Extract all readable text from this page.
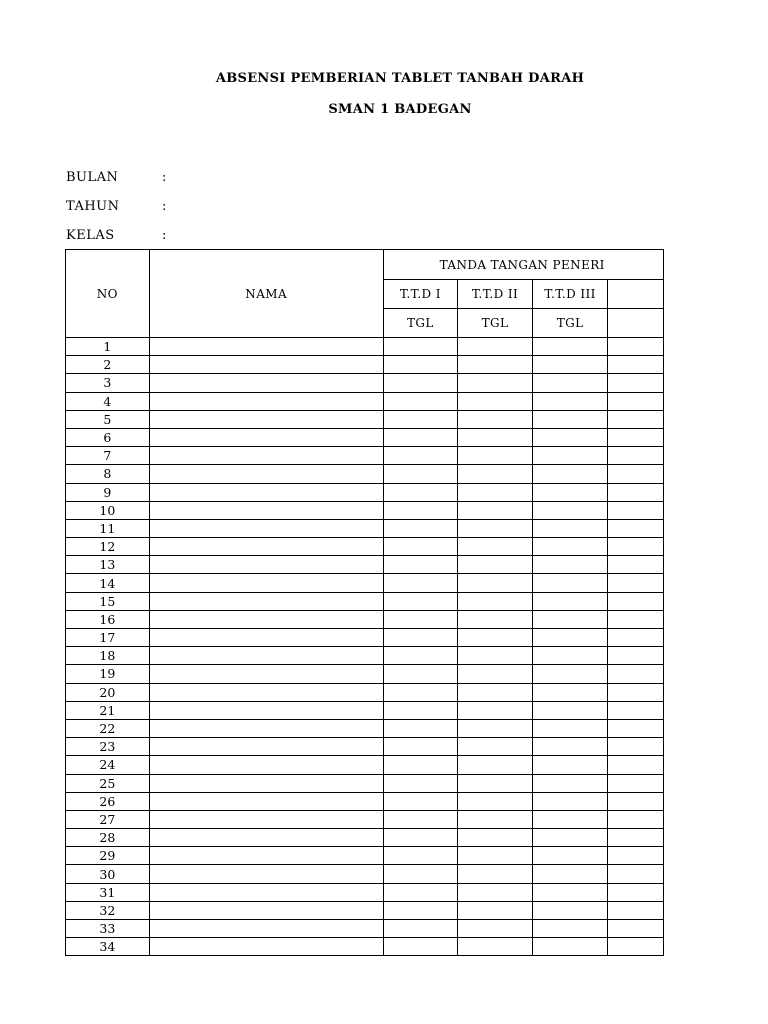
ABSENSI PEMBERIAN TABLET TANBAH DARAH
SMAN 1 BADEGAN
BULAN	:
TAHUN	:
KELAS	:
NO	NAMA	TANDA TANGAN PENERI			
		T.T.D I	T.T.D II	T.T.D III	
		TGL	TGL	TGL	
1					
2					
3					
4					
5					
6					
7					
8					
9					
10					
11					
12					
13					
14					
15					
16					
17					
18					
19					
20					
21					
22					
23					
24					
25					
26					
27					
28					
29					
30					
31					
32					
33					
34					
